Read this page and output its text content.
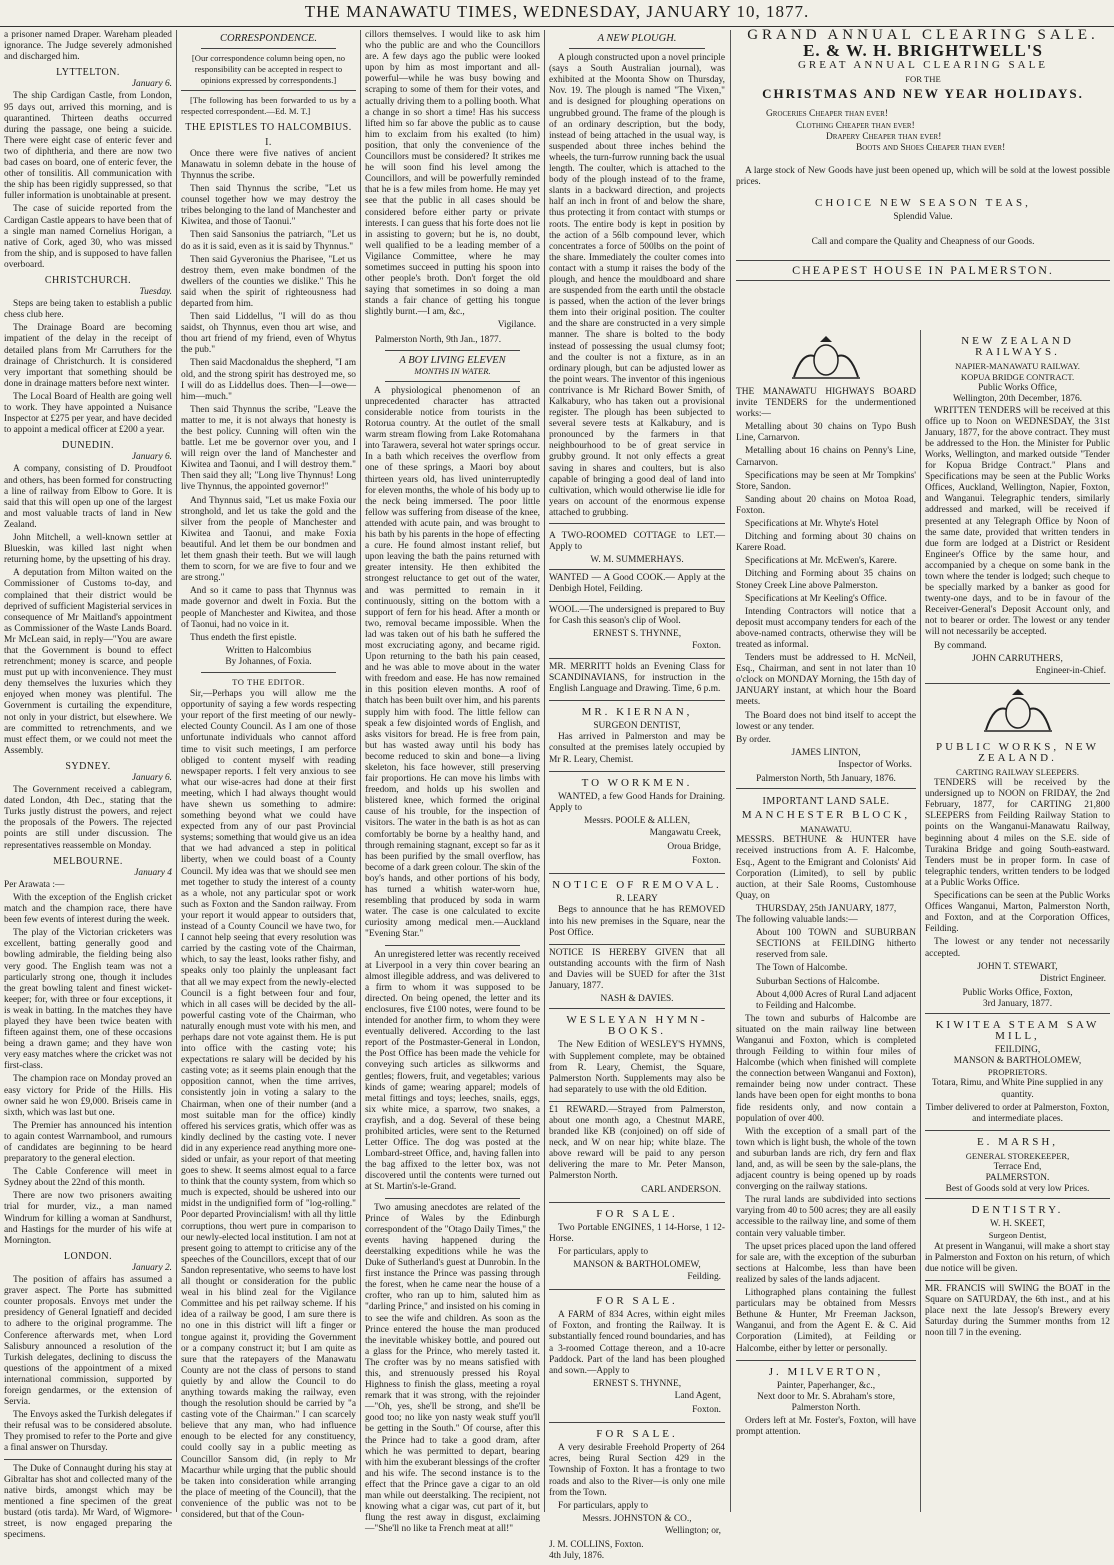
THE MANAWATU TIMES, WEDNESDAY, JANUARY 10, 1877.

a prisoner named Draper. Wareham pleaded ignorance. The Judge severely admonished and discharged him.

LYTTELTON.
January 6.

The ship Cardigan Castle, from London, 95 days out, arrived this morning, and is quarantined. Thirteen deaths occurred during the passage, one being a suicide. There were eight case of enteric fever and two of diphtheria, and there are now two bad cases on board, one of enteric fever, the other of tonsilitis. All communication with the ship has been rigidly suppressed, so that fuller information is unobtainable at present.

The case of suicide reported from the Cardigan Castle appears to have been that of a single man named Cornelius Horigan, a native of Cork, aged 30, who was missed from the ship, and is supposed to have fallen overboard.

CHRISTCHURCH.
Tuesday.

Steps are being taken to establish a public chess club here.

The Drainage Board are becoming impatient of the delay in the receipt of detailed plans from Mr Carruthers for the drainage of Christchurch. It is considered very important that something should be done in drainage matters before next winter.

The Local Board of Health are going well to work. They have appointed a Nuisance Inspector at £275 per year, and have decided to appoint a medical officer at £200 a year.

DUNEDIN.
January 6.

A company, consisting of D. Proudfoot and others, has been formed for constructing a line of railway from Elbow to Gore. It is said that this will open up one of the largest and most valuable tracts of land in New Zealand.

John Mitchell, a well-known settler at Blueskin, was killed last night when returning home, by the upsetting of his dray.

A deputation from Milton waited on the Commissioner of Customs to-day, and complained that their district would be deprived of sufficient Magisterial services in consequence of Mr Maitland's appointment as Commissioner of the Waste Lands Board. Mr McLean said, in reply—"You are aware that the Government is bound to effect retrenchment; money is scarce, and people must put up with inconvenience. They must deny themselves the luxuries which they enjoyed when money was plentiful. The Government is curtailing the expenditure, not only in your district, but elsewhere. We are committed to retrenchments, and we must effect them, or we could not meet the Assembly.

SYDNEY.
January 6.

The Government received a cablegram, dated London, 4th Dec., stating that the Turks justly distrust the powers, and reject the proposals of the Powers. The rejected points are still under discussion. The representatives reassemble on Monday.

MELBOURNE.
January 4

Per Arawata :—

With the exception of the English cricket match and the champion race, there have been few events of interest during the week.

The play of the Victorian cricketers was excellent, batting generally good and bowling admirable, the fielding being also very good. The English team was not a particularly strong one, though it includes the great bowling talent and finest wicket-keeper; for, with three or four exceptions, it is weak in batting. In the matches they have played they have been twice beaten with fifteen against them, one of these occasions being a drawn game; and they have won very easy matches where the cricket was not first-class.

The champion race on Monday proved an easy victory for Pride of the Hills. His owner said he won £9,000. Briseis came in sixth, which was last but one.

The Premier has announced his intention to again contest Warrnambool, and rumours of candidates are beginning to be heard preparatory to the general election.

The Cable Conference will meet in Sydney about the 22nd of this month.

There are now two prisoners awaiting trial for murder, viz., a man named Windrum for killing a woman at Sandhurst, and Hastings for the murder of his wife at Mornington.

LONDON.
January 2.

The position of affairs has assumed a graver aspect. The Porte has submitted counter proposals. Envoys met under the presidency of General Ignatieff and decided to adhere to the original programme. The Conference afterwards met, when Lord Salisbury announced a resolution of the Turkish delegates, declining to discuss the questions of the appointment of a mixed international commission, supported by foreign gendarmes, or the extension of Servia.

The Envoys asked the Turkish delegates if their refusal was to be considered absolute. They promised to refer to the Porte and give a final answer on Thursday.

The Duke of Connaught during his stay at Gibraltar has shot and collected many of the native birds, amongst which may be mentioned a fine specimen of the great bustard (otis tarda). Mr Ward, of Wigmore-street, is now engaged preparing the specimens.

CORRESPONDENCE.

[Our correspondence column being open, no responsibility can be accepted in respect to opinions expressed by correspondents.]

[The following has been forwarded to us by a respected correspondent.—Ed. M. T.]

THE EPISTLES TO HALCOMBIUS.
I.

Once there were five natives of ancient Manawatu in solemn debate in the house of Thynnus the scribe.

Then said Thynnus the scribe, "Let us counsel together how we may destroy the tribes belonging to the land of Manchester and Kiwitea, and those of Taonui."

Then said Sansonius the patriarch, "Let us do as it is said, even as it is said by Thynnus."

Then said Gyveronius the Pharisee, "Let us destroy them, even make bondmen of the dwellers of the counties we dislike." This he said when the spirit of righteousness had departed from him.

Then said Liddellus, "I will do as thou saidst, oh Thynnus, even thou art wise, and thou art friend of my friend, even of Whytus the pub."

Then said Macdonaldus the shepherd, "I am old, and the strong spirit has destroyed me, so I will do as Liddellus does. Then—I—owe—him—much."

Then said Thynnus the scribe, "Leave the matter to me, it is not always that honesty is the best policy. Cunning will often win the battle. Let me be governor over you, and I will reign over the land of Manchester and Kiwitea and Taonui, and I will destroy them." Then said they all; "Long live Thynnus! Long live Thynnus, the appointed governor!"

And Thynnus said, "Let us make Foxia our stronghold, and let us take the gold and the silver from the people of Manchester and Kiwitea and Taonui, and make Foxia beautiful. And let them be our bondmen and let them gnash their teeth. But we will laugh them to scorn, for we are five to four and we are strong."

And so it came to pass that Thynnus was made governor and dwelt in Foxia. But the people of Manchester and Kiwitea, and those of Taonui, had no voice in it.

Thus endeth the first epistle.

Written to Halcombius
By Johannes, of Foxia.
TO THE EDITOR.

Sir,—Perhaps you will allow me the opportunity of saying a few words respecting your report of the first meeting of our newly-elected County Council. As I am one of those unfortunate individuals who cannot afford time to visit such meetings, I am perforce obliged to content myself with reading newspaper reports. I felt very anxious to see what our wise-acres had done at their first meeting, which I had always thought would have shewn us something to admire: something beyond what we could have expected from any of our past Provincial systems; something that would give us an idea that we had advanced a step in political liberty, when we could boast of a County Council. My idea was that we should see men met together to study the interest of a county as a whole, not any particular spot or work such as Foxton and the Sandon railway. From your report it would appear to outsiders that, instead of a County Council we have two, for I cannot help seeing that every resolution was carried by the casting vote of the Chairman, which, to say the least, looks rather fishy, and speaks only too plainly the unpleasant fact that all we may expect from the newly-elected Council is a fight between four and four, which in all cases will be decided by the all-powerful casting vote of the Chairman, who naturally enough must vote with his men, and perhaps dare not vote against them. He is put into office with the casting vote; his expectations re salary will be decided by his casting vote; as it seems plain enough that the opposition cannot, when the time arrives, consistently join in voting a salary to the Chairman, when one of their number (and a most suitable man for the office) kindly offered his services gratis, which offer was as kindly declined by the casting vote. I never did in any experience read anything more one-sided or unfair, as your report of that meeting goes to shew. It seems almost equal to a farce to think that the county system, from which so much is expected, should be ushered into our midst in the undignified form of "log-rolling." Poor departed Provincialism! with all thy little corruptions, thou wert pure in comparison to our newly-elected local institution. I am not at present going to attempt to criticise any of the speeches of the Councillors, except that of our Sandon representative, who seems to have lost all thought or consideration for the public weal in his blind zeal for the Vigilance Committee and his pet railway scheme. If his idea of a railway be good, I am sure there is no one in this district will lift a finger or tongue against it, providing the Government or a company construct it; but I am quite as sure that the ratepayers of the Manawatu County are not the class of persons to stand quietly by and allow the Council to do anything towards making the railway, even though the resolution should be carried by "a casting vote of the Chairman." I can scarcely believe that any man, who had influence enough to be elected for any constituency, could coolly say in a public meeting as Councillor Sansom did, (in reply to Mr Macarthur while urging that the public should be taken into consideration while arranging the place of meeting of the Council), that the convenience of the public was not to be considered, but that of the Coun-

cillors themselves. I would like to ask him who the public are and who the Councillors are. A few days ago the public were looked upon by him as most important and all-powerful—while he was busy bowing and scraping to some of them for their votes, and actually driving them to a polling booth. What a change in so short a time! Has his success lifted him so far above the public as to cause him to exclaim from his exalted (to him) position, that only the convenience of the Councillors must be considered? It strikes me he will soon find his level among the Councillors, and will be powerfully reminded that he is a few miles from home. He may yet see that the public in all cases should be considered before either party or private interests. I can guess that his forte does not lie in assisting to govern; but he is, no doubt, well qualified to be a leading member of a Vigilance Committee, where he may sometimes succeed in putting his spoon into other people's broth. Don't forget the old saying that sometimes in so doing a man stands a fair chance of getting his tongue slightly burnt.—I am, &c.,

Vigilance.
Palmerston North, 9th Jan., 1877.
A BOY LIVING ELEVEN
MONTHS IN WATER.

A physiological phenomenon of an unprecedented character has attracted considerable notice from tourists in the Rotorua country. At the outlet of the small warm stream flowing from Lake Rotomahana into Tarawera, several hot water springs occur. In a bath which receives the overflow from one of these springs, a Maori boy about thirteen years old, has lived uninterruptedly for eleven months, the whole of his body up to the neck being immersed. The poor little fellow was suffering from disease of the knee, attended with acute pain, and was brought to his bath by his parents in the hope of effecting a cure. He found almost instant relief, but upon leaving the bath the pains returned with greater intensity. He then exhibited the strongest reluctance to get out of the water, and was permitted to remain in it continuously, sitting on the bottom with a support of fern for his head. After a month or two, removal became impossible. When the lad was taken out of his bath he suffered the most excruciating agony, and became rigid. Upon returning to the bath his pain ceased, and he was able to move about in the water with freedom and ease. He has now remained in this position eleven months. A roof of thatch has been built over him, and his parents supply him with food. The little fellow can speak a few disjointed words of English, and asks visitors for bread. He is free from pain, but has wasted away until his body has become reduced to skin and bone—a living skeleton, his face however, still preserving fair proportions. He can move his limbs with freedom, and holds up his swollen and blistered knee, which formed the original cause of his trouble, for the inspection of visitors. The water in the bath is as hot as can comfortably be borne by a healthy hand, and through remaining stagnant, except so far as it has been purified by the small overflow, has become of a dark green colour. The skin of the boy's hands, and other portions of his body, has turned a whitish water-worn hue, resembling that produced by soda in warm water. The case is one calculated to excite curiosity among medical men.—Auckland "Evening Star."

An unregistered letter was recently received at Liverpool in a very thin cover bearing an almost illegible address, and was delivered to a firm to whom it was supposed to be directed. On being opened, the letter and its enclosures, five £100 notes, were found to be intended for another firm, to whom they were eventually delivered. According to the last report of the Postmaster-General in London, the Post Office has been made the vehicle for conveying such articles as silkworms and gentles; flowers, fruit, and vegetables; various kinds of game; wearing apparel; models of metal fittings and toys; leeches, snails, eggs, six white mice, a sparrow, two snakes, a crayfish, and a dog. Several of these being prohibited articles, were sent to the Returned Letter Office. The dog was posted at the Lombard-street Office, and, having fallen into the bag affixed to the letter box, was not discovered until the contents were turned out at St. Martin's-le-Grand.

Two amusing anecdotes are related of the Prince of Wales by the Edinburgh correspondent of the "Otago Daily Times," the events having happened during the deerstalking expeditions while he was the Duke of Sutherland's guest at Dunrobin. In the first instance the Prince was passing through the forest, when he came near the house of a crofter, who ran up to him, saluted him as "darling Prince," and insisted on his coming in to see the wife and children. As soon as the Prince entered the house the man produced the inevitable whiskey bottle, and poured out a glass for the Prince, who merely tasted it. The crofter was by no means satisfied with this, and strenuously pressed his Royal Highness to finish the glass, meeting a royal remark that it was strong, with the rejoinder—"Oh, yes, she'll be strong, and she'll be good too; no like yon nasty weak stuff you'll be getting in the South." Of course, after this the Prince had to take a good dram, after which he was permitted to depart, bearing with him the exuberant blessings of the crofter and his wife. The second instance is to the effect that the Prince gave a cigar to an old man while out deerstalking. The recipient, not knowing what a cigar was, cut part of it, but flung the rest away in disgust, exclaiming—"She'll no like ta French meat at all!"

A NEW PLOUGH.

A plough constructed upon a novel principle (says a South Australian journal), was exhibited at the Moonta Show on Thursday, Nov. 19. The plough is named "The Vixen," and is designed for ploughing operations on ungrubbed ground. The frame of the plough is of an ordinary description, but the body, instead of being attached in the usual way, is suspended about three inches behind the wheels, the turn-furrow running back the usual length. The coulter, which is attached to the body of the plough instead of to the frame, slants in a backward direction, and projects half an inch in front of and below the share, thus protecting it from contact with stumps or roots. The entire body is kept in position by the action of a 56lb compound lever, which concentrates a force of 500lbs on the point of the share. Immediately the coulter comes into contact with a stump it raises the body of the plough, and hence the mouldboard and share are suspended from the earth until the obstacle is passed, when the action of the lever brings them into their original position. The coulter and the share are constructed in a very simple manner. The share is bolted to the body instead of possessing the usual clumsy foot; and the coulter is not a fixture, as in an ordinary plough, but can be adjusted lower as the point wears. The inventor of this ingenious contrivance is Mr Richard Bower Smith, of Kalkabury, who has taken out a provisional register. The plough has been subjected to several severe tests at Kalkabury, and is pronounced by the farmers in that neighbourhood to be of great service in grubby ground. It not only effects a great saving in shares and coulters, but is also capable of bringing a good deal of land into cultivation, which would otherwise lie idle for years on account of the enormous expense attached to grubbing.

A TWO-ROOMED COTTAGE to LET.—Apply to

W. M. SUMMERHAYS.

WANTED — A Good COOK.— Apply at the Denbigh Hotel, Feilding.

WOOL.—The undersigned is prepared to Buy for Cash this season's clip of Wool.

ERNEST S. THYNNE,
Foxton.

MR. MERRITT holds an Evening Class for SCANDINAVIANS, for instruction in the English Language and Drawing. Time, 6 p.m.

MR. KIERNAN,
SURGEON DENTIST,

Has arrived in Palmerston and may be consulted at the premises lately occupied by Mr R. Leary, Chemist.

TO WORKMEN.

WANTED, a few Good Hands for Draining. Apply to

Messrs. POOLE & ALLEN,
Mangawatu Creek,
Oroua Bridge,
Foxton.
NOTICE OF REMOVAL.
R. LEARY

Begs to announce that he has REMOVED into his new premises in the Square, near the Post Office.

NOTICE IS HEREBY GIVEN that all outstanding accounts with the firm of Nash and Davies will be SUED for after the 31st January, 1877.

NASH & DAVIES.
WESLEYAN HYMN-BOOKS.

The New Edition of WESLEY'S HYMNS, with Supplement complete, may be obtained from R. Leary, Chemist, the Square, Palmerston North. Supplements may also be had separately to use with the old Edition.

£1 REWARD.—Strayed from Palmerston, about one month ago, a Chestnut MARE, branded like KB (conjoined) on off side of neck, and W on near hip; white blaze. The above reward will be paid to any person delivering the mare to Mr. Peter Manson, Palmerston North.

CARL ANDERSON.
FOR SALE.

Two Portable ENGINES, 1 14-Horse, 1 12-Horse.

For particulars, apply to

MANSON & BARTHOLOMEW,
Feilding.
FOR SALE.

A FARM of 834 Acres, within eight miles of Foxton, and fronting the Railway. It is substantially fenced round boundaries, and has a 3-roomed Cottage thereon, and a 10-acre Paddock. Part of the land has been ploughed and sown.—Apply to

ERNEST S. THYNNE,
Land Agent,
Foxton.
FOR SALE.

A very desirable Freehold Property of 264 acres, being Rural Section 429 in the Township of Foxton. It has a frontage to two roads and also to the River—is only one mile from the Town.

For particulars, apply to

Messrs. JOHNSTON & CO.,
Wellington; or,
J. M. COLLINS, Foxton.
4th July, 1876.
GRAND ANNUAL CLEARING SALE.
E. & W. H. BRIGHTWELL'S
GREAT ANNUAL CLEARING SALE
FOR THE
CHRISTMAS AND NEW YEAR HOLIDAYS.
Groceries Cheaper than ever!
Clothing Cheaper than ever!
Drapery Cheaper than ever!
Boots and Shoes Cheaper than ever!

A large stock of New Goods have just been opened up, which will be sold at the lowest possible prices.

CHOICE NEW SEASON TEAS,
Splendid Value.
Call and compare the Quality and Cheapness of our Goods.
CHEAPEST HOUSE IN PALMERSTON.

THE MANAWATU HIGHWAYS BOARD invite TENDERS for the undermentioned works:—

Metalling about 30 chains on Typo Bush Line, Carnarvon.

Metalling about 16 chains on Penny's Line, Carnarvon.

Specifications may be seen at Mr Tompkins' Store, Sandon.

Sanding about 20 chains on Motoa Road, Foxton.

Specifications at Mr. Whyte's Hotel

Ditching and forming about 30 chains on Karere Road.

Specifications at Mr. McEwen's, Karere.

Ditching and Forming about 35 chains on Stoney Creek Line above Palmerston.

Specifications at Mr Keeling's Office.

Intending Contractors will notice that a deposit must accompany tenders for each of the above-named contracts, otherwise they will be treated as informal.

Tenders must be addressed to H. McNeil, Esq., Chairman, and sent in not later than 10 o'clock on MONDAY Morning, the 15th day of JANUARY instant, at which hour the Board meets.

The Board does not bind itself to accept the lowest or any tender.

By order.

JAMES LINTON,
Inspector of Works.
Palmerston North, 5th January, 1876.
IMPORTANT LAND SALE.
MANCHESTER BLOCK,
MANAWATU.

MESSRS. BETHUNE & HUNTER have received instructions from A. F. Halcombe, Esq., Agent to the Emigrant and Colonists' Aid Corporation (Limited), to sell by public auction, at their Sale Rooms, Customhouse Quay, on

THURSDAY, 25th JANUARY, 1877,

The following valuable lands:—

About 100 TOWN and SUBURBAN SECTIONS at FEILDING hitherto reserved from sale.

The Town of Halcombe.

Suburban Sections of Halcombe.

About 4,000 Acres of Rural Land adjacent to Feilding and Halcombe.

The town and suburbs of Halcombe are situated on the main railway line between Wanganui and Foxton, which is completed through Feilding to within four miles of Halcombe (which when finished will complete the connection between Wanganui and Foxton), remainder being now under contract. These lands have been open for eight months to bona fide residents only, and now contain a population of over 400.

With the exception of a small part of the town which is light bush, the whole of the town and suburban lands are rich, dry fern and flax land, and, as will be seen by the sale-plans, the adjacent country is being opened up by roads converging on the railway stations.

The rural lands are subdivided into sections varying from 40 to 500 acres; they are all easily accessible to the railway line, and some of them contain very valuable timber.

The upset prices placed upon the land offered for sale are, with the exception of the suburban sections at Halcombe, less than have been realized by sales of the lands adjacent.

Lithographed plans containing the fullest particulars may be obtained from Messrs Bethune & Hunter, Mr Freeman Jackson, Wanganui, and from the Agent E. & C. Aid Corporation (Limited), at Feilding or Halcombe, either by letter or personally.

J. MILVERTON,
Painter, Paperhanger, &c.,

Next door to Mr. S. Abraham's store, Palmerston North.

Orders left at Mr. Foster's, Foxton, will have prompt attention.

NEW ZEALAND RAILWAYS.
NAPIER-MANAWATU RAILWAY.
KOPUA BRIDGE CONTRACT.
Public Works Office,
Wellington, 20th December, 1876.

WRITTEN TENDERS will be received at this office up to Noon on WEDNESDAY, the 31st January, 1877, for the above contract. They must be addressed to the Hon. the Minister for Public Works, Wellington, and marked outside "Tender for Kopua Bridge Contract." Plans and Specifications may be seen at the Public Works Offices, Auckland, Wellington, Napier, Foxton, and Wanganui. Telegraphic tenders, similarly addressed and marked, will be received if presented at any Telegraph Office by Noon of the same date, provided that written tenders in due form are lodged at a District or Resident Engineer's Office by the same hour, and accompanied by a cheque on some bank in the town where the tender is lodged; such cheque to be specially marked by a banker as good for twenty-one days, and to be in favour of the Receiver-General's Deposit Account only, and not to bearer or order. The lowest or any tender will not necessarily be accepted.

By command.

JOHN CARRUTHERS,
Engineer-in-Chief.
PUBLIC WORKS, NEW ZEALAND.
CARTING RAILWAY SLEEPERS.

TENDERS will be received by the undersigned up to NOON on FRIDAY, the 2nd February, 1877, for CARTING 21,800 SLEEPERS from Feilding Railway Station to points on the Wanganui-Manawatu Railway, beginning about 4 miles on the S.E. side of Turakina Bridge and going South-eastward. Tenders must be in proper form. In case of telegraphic tenders, written tenders to be lodged at a Public Works Office.

Specifications can be seen at the Public Works Offices Wanganui, Marton, Palmerston North, and Foxton, and at the Corporation Offices, Feilding.

The lowest or any tender not necessarily accepted.

JOHN T. STEWART,
District Engineer.
Public Works Office, Foxton,
3rd January, 1877.
KIWITEA STEAM SAW MILL,
FEILDING,
MANSON & BARTHOLOMEW,
PROPRIETORS.

Totara, Rimu, and White Pine supplied in any quantity.

Timber delivered to order at Palmerston, Foxton, and intermediate places.

E. MARSH,
GENERAL STOREKEEPER,
Terrace End,
PALMERSTON.
Best of Goods sold at very low Prices.
DENTISTRY.
W. H. SKEET,
Surgeon Dentist,

At present in Wanganui, will make a short stay in Palmerston and Foxton on his return, of which due notice will be given.

MR. FRANCIS will SWING the BOAT in the Square on SATURDAY, the 6th inst., and at his place next the late Jessop's Brewery every Saturday during the Summer months from 12 noon till 7 in the evening.
